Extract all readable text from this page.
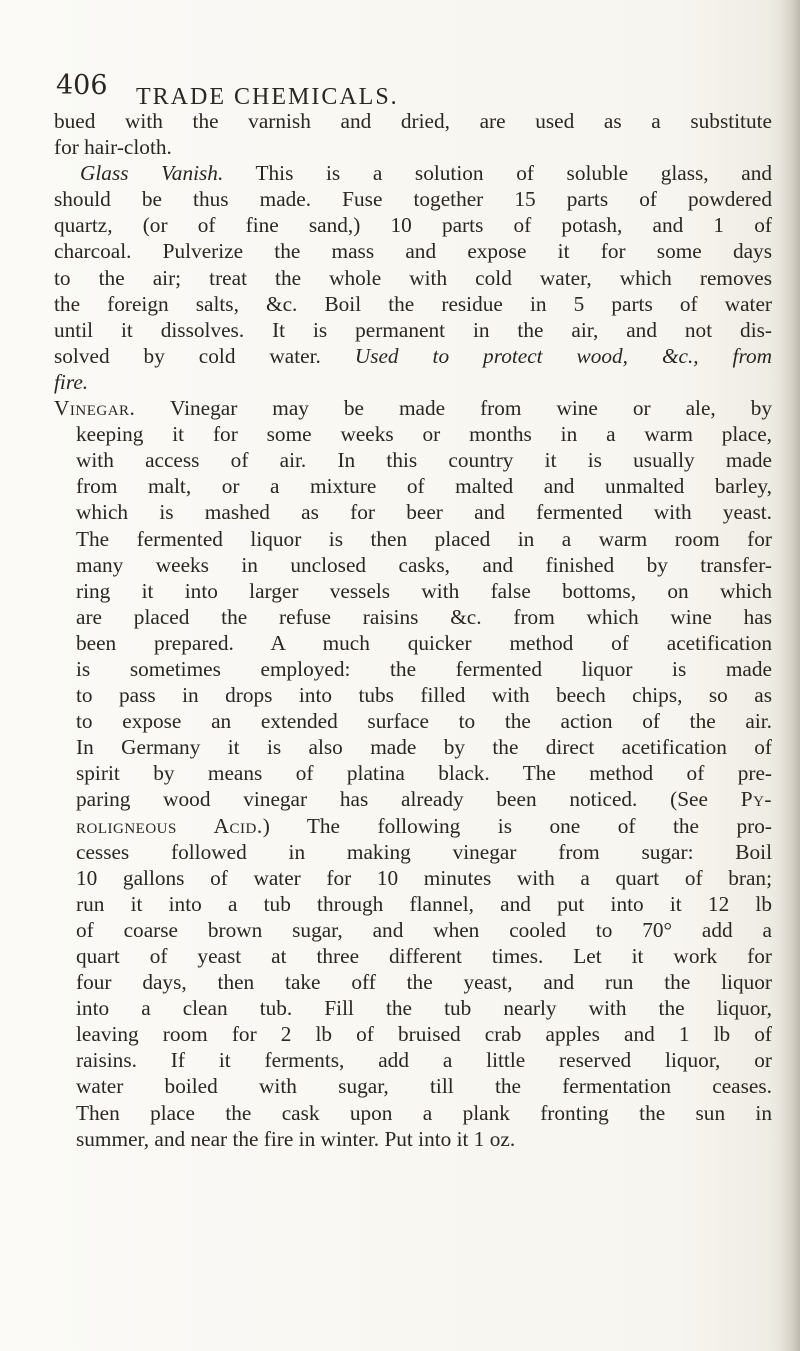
406 TRADE CHEMICALS.
bued with the varnish and dried, are used as a substitute
for hair-cloth.
Glass Vanish. This is a solution of soluble glass, and
should be thus made. Fuse together 15 parts of powdered
quartz, (or of fine sand,) 10 parts of potash, and 1 of
charcoal. Pulverize the mass and expose it for some days
to the air; treat the whole with cold water, which removes
the foreign salts, &c. Boil the residue in 5 parts of water
until it dissolves. It is permanent in the air, and not dis-
solved by cold water. Used to protect wood, &c., from
fire.
Vinegar. Vinegar may be made from wine or ale, by
keeping it for some weeks or months in a warm place,
with access of air. In this country it is usually made
from malt, or a mixture of malted and unmalted barley,
which is mashed as for beer and fermented with yeast.
The fermented liquor is then placed in a warm room for
many weeks in unclosed casks, and finished by transfer-
ring it into larger vessels with false bottoms, on which
are placed the refuse raisins &c. from which wine has
been prepared. A much quicker method of acetification
is sometimes employed: the fermented liquor is made
to pass in drops into tubs filled with beech chips, so as
to expose an extended surface to the action of the air.
In Germany it is also made by the direct acetification of
spirit by means of platina black. The method of pre-
paring wood vinegar has already been noticed. (See Py-
roligneous Acid.) The following is one of the pro-
cesses followed in making vinegar from sugar: Boil
10 gallons of water for 10 minutes with a quart of bran;
run it into a tub through flannel, and put into it 12 lb
of coarse brown sugar, and when cooled to 70° add a
quart of yeast at three different times. Let it work for
four days, then take off the yeast, and run the liquor
into a clean tub. Fill the tub nearly with the liquor,
leaving room for 2 lb of bruised crab apples and 1 lb of
raisins. If it ferments, add a little reserved liquor, or
water boiled with sugar, till the fermentation ceases.
Then place the cask upon a plank fronting the sun in
summer, and near the fire in winter. Put into it 1 oz.
